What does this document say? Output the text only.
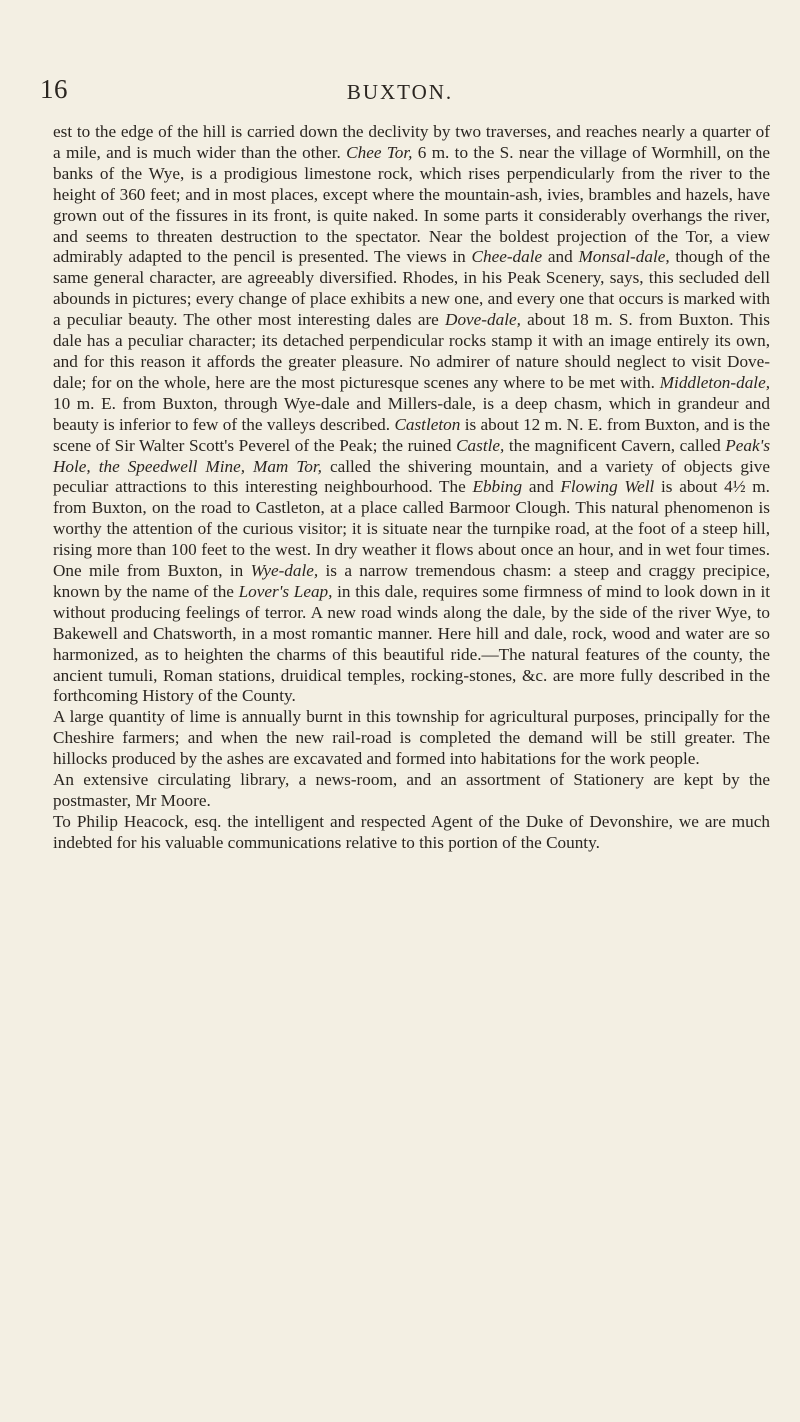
16	BUXTON.

est to the edge of the hill is carried down the declivity by two traverses, and reaches nearly a quarter of a mile, and is much wider than the other. Chee Tor, 6 m. to the S. near the village of Wormhill, on the banks of the Wye, is a prodigious limestone rock, which rises perpendicularly from the river to the height of 360 feet; and in most places, except where the mountain-ash, ivies, brambles and hazels, have grown out of the fissures in its front, is quite naked. In some parts it considerably overhangs the river, and seems to threaten destruction to the spectator. Near the boldest projection of the Tor, a view admirably adapted to the pencil is presented. The views in Chee-dale and Monsal-dale, though of the same general character, are agreeably diversified. Rhodes, in his Peak Scenery, says, this secluded dell abounds in pictures; every change of place exhibits a new one, and every one that occurs is marked with a peculiar beauty. The other most interesting dales are Dove-dale, about 18 m. S. from Buxton. This dale has a peculiar character; its detached perpendicular rocks stamp it with an image entirely its own, and for this reason it affords the greater pleasure. No admirer of nature should neglect to visit Dove-dale; for on the whole, here are the most picturesque scenes any where to be met with. Middleton-dale, 10 m. E. from Buxton, through Wye-dale and Millers-dale, is a deep chasm, which in grandeur and beauty is inferior to few of the valleys described. Castleton is about 12 m. N. E. from Buxton, and is the scene of Sir Walter Scott's Peverel of the Peak; the ruined Castle, the magnificent Cavern, called Peak's Hole, the Speedwell Mine, Mam Tor, called the shivering mountain, and a variety of objects give peculiar attractions to this interesting neighbourhood. The Ebbing and Flowing Well is about 4½ m. from Buxton, on the road to Castleton, at a place called Barmoor Clough. This natural phenomenon is worthy the attention of the curious visitor; it is situate near the turnpike road, at the foot of a steep hill, rising more than 100 feet to the west. In dry weather it flows about once an hour, and in wet four times. One mile from Buxton, in Wye-dale, is a narrow tremendous chasm: a steep and craggy precipice, known by the name of the Lover's Leap, in this dale, requires some firmness of mind to look down in it without producing feelings of terror. A new road winds along the dale, by the side of the river Wye, to Bakewell and Chatsworth, in a most romantic manner. Here hill and dale, rock, wood and water are so harmonized, as to heighten the charms of this beautiful ride.—The natural features of the county, the ancient tumuli, Roman stations, druidical temples, rocking-stones, &c. are more fully described in the forthcoming History of the County.

A large quantity of lime is annually burnt in this township for agricultural purposes, principally for the Cheshire farmers; and when the new rail-road is completed the demand will be still greater. The hillocks produced by the ashes are excavated and formed into habitations for the work people.

An extensive circulating library, a news-room, and an assortment of Stationery are kept by the postmaster, Mr Moore.

To Philip Heacock, esq. the intelligent and respected Agent of the Duke of Devonshire, we are much indebted for his valuable communications relative to this portion of the County.
